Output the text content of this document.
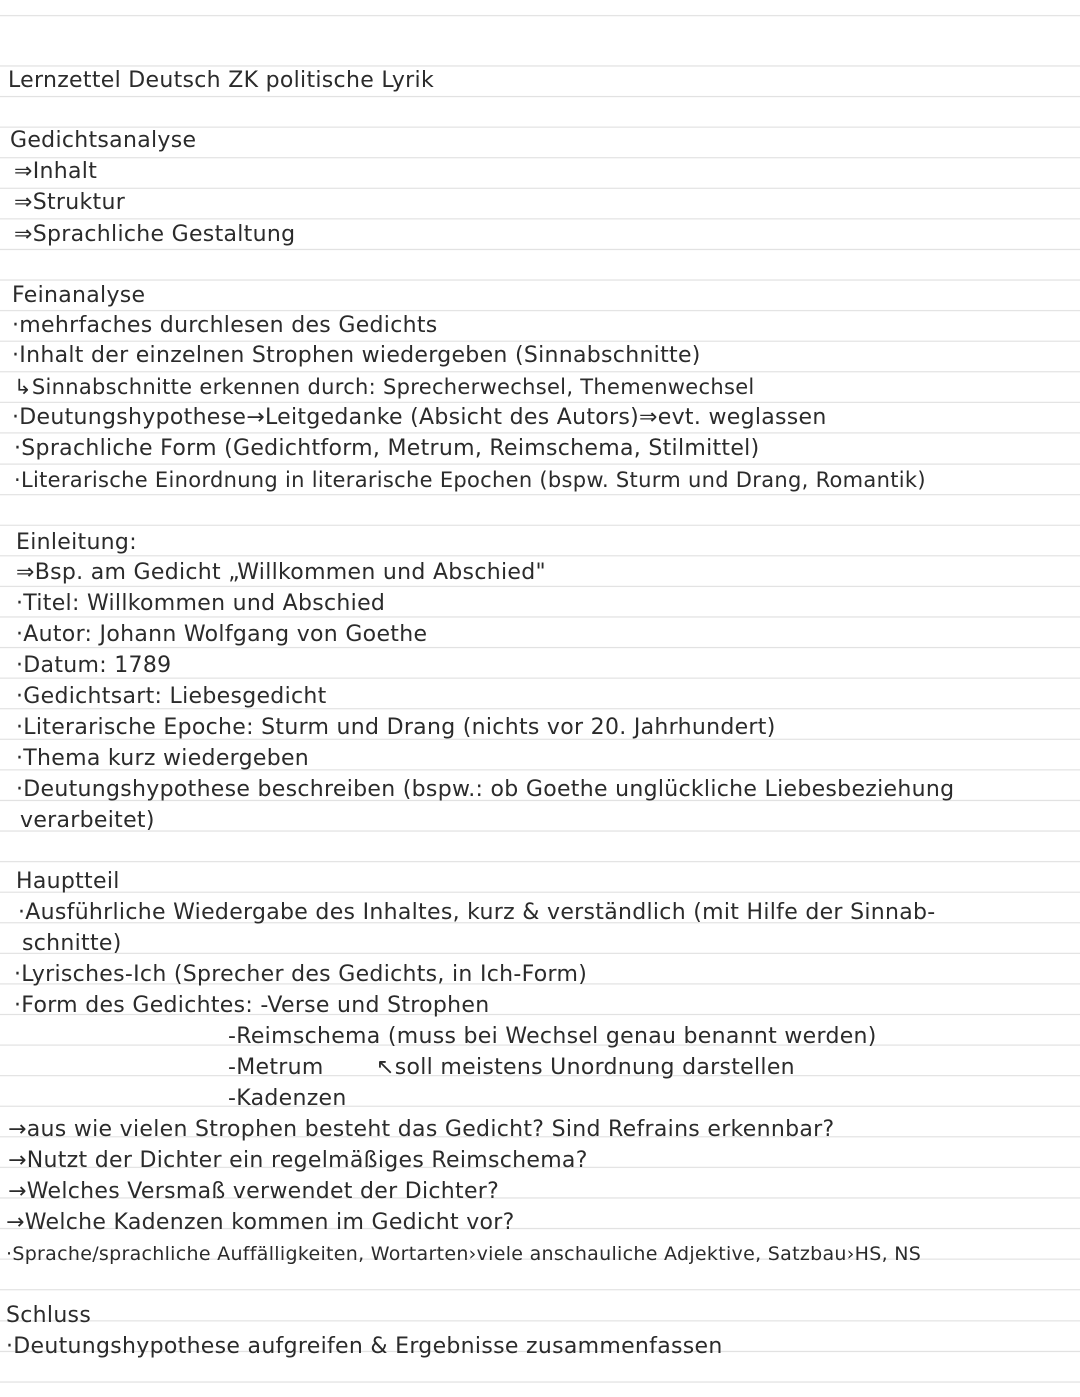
Lernzettel Deutsch ZK politische Lyrik
Gedichtsanalyse
⇒Inhalt
⇒Struktur
⇒Sprachliche Gestaltung
Feinanalyse
·mehrfaches durchlesen des Gedichts
·Inhalt der einzelnen Strophen wiedergeben (Sinnabschnitte)
↳Sinnabschnitte erkennen durch: Sprecherwechsel, Themenwechsel
·Deutungshypothese→Leitgedanke (Absicht des Autors)⇒evt. weglassen
·Sprachliche Form (Gedichtform, Metrum, Reimschema, Stilmittel)
·Literarische Einordnung in literarische Epochen (bspw. Sturm und Drang, Romantik)
Einleitung:
⇒Bsp. am Gedicht „Willkommen und Abschied"
·Titel: Willkommen und Abschied
·Autor: Johann Wolfgang von Goethe
·Datum: 1789
·Gedichtsart: Liebesgedicht
·Literarische Epoche: Sturm und Drang (nichts vor 20. Jahrhundert)
·Thema kurz wiedergeben
·Deutungshypothese beschreiben (bspw.: ob Goethe unglückliche Liebesbeziehung
verarbeitet)
Hauptteil
·Ausführliche Wiedergabe des Inhaltes, kurz & verständlich (mit Hilfe der Sinnab-
schnitte)
·Lyrisches-Ich (Sprecher des Gedichts, in Ich-Form)
·Form des Gedichtes: -Verse und Strophen
-Reimschema (muss bei Wechsel genau benannt werden)
-Metrum ↖soll meistens Unordnung darstellen
-Kadenzen
→aus wie vielen Strophen besteht das Gedicht? Sind Refrains erkennbar?
→Nutzt der Dichter ein regelmäßiges Reimschema?
→Welches Versmaß verwendet der Dichter?
→Welche Kadenzen kommen im Gedicht vor?
·Sprache/sprachliche Auffälligkeiten, Wortarten›viele anschauliche Adjektive, Satzbau›HS, NS
Schluss
·Deutungshypothese aufgreifen & Ergebnisse zusammenfassen
